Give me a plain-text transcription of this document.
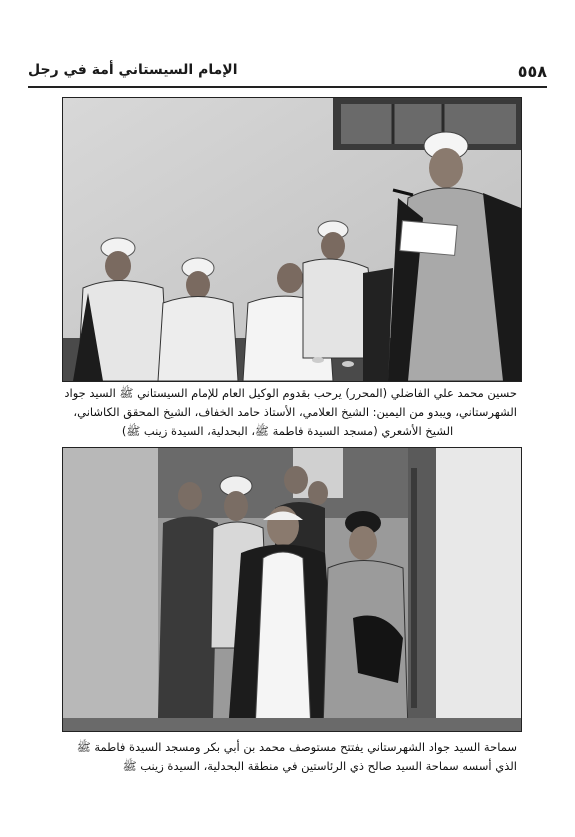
٥٥٨
الإمام السيستاني أمة في رجل
حسين محمد علي الفاضلي (المحرر) يرحب بقدوم الوكيل العام للإمام السيستاني ﷺ السيد جواد
الشهرستاني، ويبدو من اليمين: الشيخ العلامي، الأستاذ حامد الخفاف، الشيخ المحقق الكاشاني،
الشيخ الأشعري (مسجد السيدة فاطمة ﷺ، البحدلية، السيدة زينب ﷺ)
سماحة السيد جواد الشهرستاني يفتتح مستوصف محمد بن أبي بكر ومسجد السيدة فاطمة ﷺ
الذي أسسه سماحة السيد صالح ذي الرئاستين في منطقة البحدلية، السيدة زينب ﷺ
